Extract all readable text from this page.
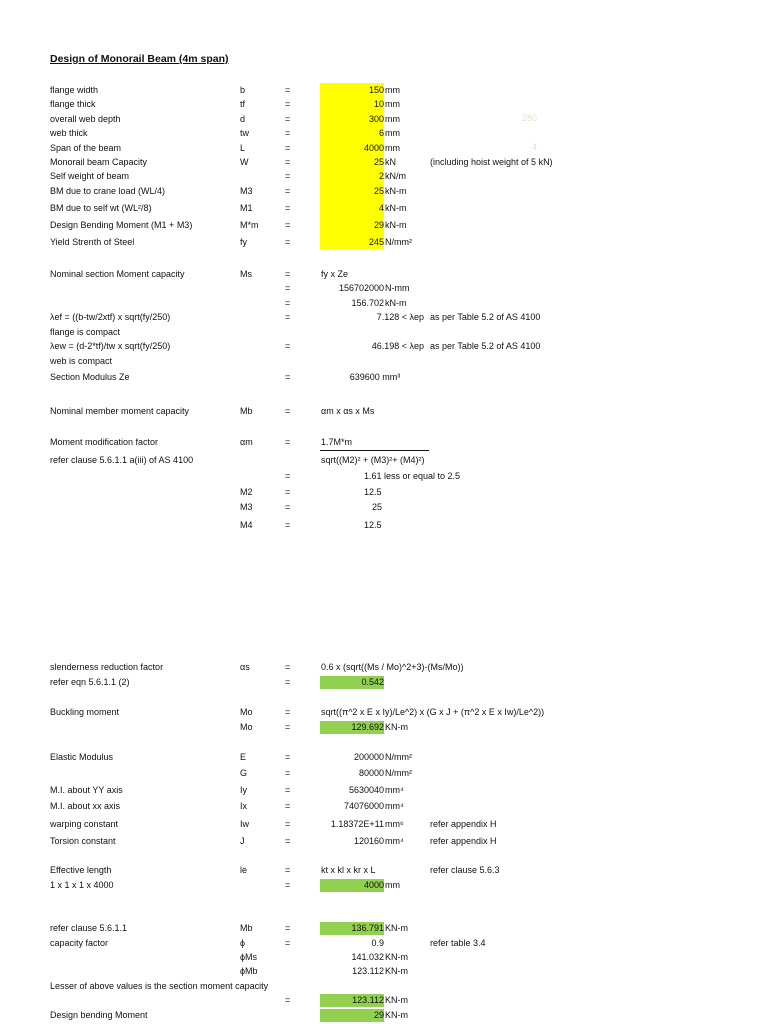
Design of Monorail Beam (4m span)
280
4
flange width	b	=	150 mm
flange thick	tf	=	10 mm
overall web depth	d	=	300 mm
web thick	tw	=	6 mm
Span of the beam	L	=	4000 mm
Monorail beam Capacity	W	=	25 kN	(including hoist weight of 5 kN)
Self weight of beam	=	2 kN/m
BM due to crane load (WL/4)	M3	=	25 kN-m
BM due to self wt (WL²/8)	M1	=	4 kN-m
Design Bending Moment (M1 + M3)	M*m	=	29 kN-m
Yield Strenth of Steel	fy	=	245 N/mm²
Nominal section Moment capacity	Ms	=	fy x Ze
=	156702000 N-mm
=	156.702 kN-m
λef = ((b-tw/2xtf) x sqrt(fy/250)	=	7.128 < λep as per Table 5.2 of AS 4100
flange is compact
λew = (d-2*tf)/tw x sqrt(fy/250)	=	46.198 < λep as per Table 5.2 of AS 4100
web is compact
Section Modulus Ze	=	639600 mm³
Nominal member moment capacity	Mb	=	αm x αs x Ms
Moment modification factor	αm	=	1.7M*m
refer clause 5.6.1.1 a(iii) of AS 4100	sqrt((M2)² + (M3)²+ (M4)²)
=	1.61 less or equal to 2.5
M2	=	12.5
M3	=	25
M4	=	12.5
slenderness reduction factor	αs	=	0.6 x (sqrt((Ms / Mo)^2+3)-(Ms/Mo))
refer eqn 5.6.1.1 (2)	=	0.542
Buckling moment	Mo	=	sqrt((π^2 x E x Iy)/Le^2) x (G x J + (π^2 x E x Iw)/Le^2))
Mo	=	129.692 KN-m
Elastic Modulus	E	=	200000 N/mm²
G	=	80000 N/mm²
M.I. about YY axis	Iy	=	5630040 mm⁴
M.I. about xx axis	Ix	=	74076000 mm⁴
warping constant	Iw	=	1.18372E+11 mm⁶	refer appendix H
Torsion constant	J	=	120160 mm⁴	refer appendix H
Effective length	le	=	kt x kl x kr x L	refer clause 5.6.3
1 x 1 x 1 x 4000	=	4000 mm
refer clause 5.6.1.1	Mb	=	136.791 KN-m
capacity factor	ϕ	=	0.9	refer table 3.4
ϕMs	141.032 KN-m
ϕMb	123.112 KN-m
Lesser of above values is the section moment capacity
=	123.112 KN-m
Design bending Moment	29 KN-m
